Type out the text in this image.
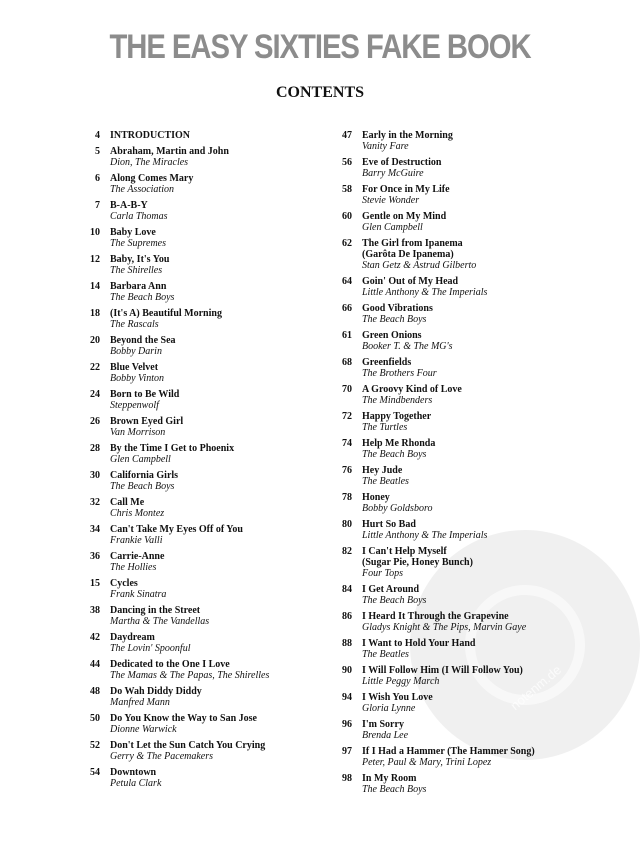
notenm.de
THE EASY SIXTIES FAKE BOOK
CONTENTS
4 INTRODUCTION
5 Abraham, Martin and John
Dion, The Miracles
6 Along Comes Mary
The Association
7 B-A-B-Y
Carla Thomas
10 Baby Love
The Supremes
12 Baby, It's You
The Shirelles
14 Barbara Ann
The Beach Boys
18 (It's A) Beautiful Morning
The Rascals
20 Beyond the Sea
Bobby Darin
22 Blue Velvet
Bobby Vinton
24 Born to Be Wild
Steppenwolf
26 Brown Eyed Girl
Van Morrison
28 By the Time I Get to Phoenix
Glen Campbell
30 California Girls
The Beach Boys
32 Call Me
Chris Montez
34 Can't Take My Eyes Off of You
Frankie Valli
36 Carrie-Anne
The Hollies
15 Cycles
Frank Sinatra
38 Dancing in the Street
Martha & The Vandellas
42 Daydream
The Lovin' Spoonful
44 Dedicated to the One I Love
The Mamas & The Papas, The Shirelles
48 Do Wah Diddy Diddy
Manfred Mann
50 Do You Know the Way to San Jose
Dionne Warwick
52 Don't Let the Sun Catch You Crying
Gerry & The Pacemakers
54 Downtown
Petula Clark
47 Early in the Morning
Vanity Fare
56 Eve of Destruction
Barry McGuire
58 For Once in My Life
Stevie Wonder
60 Gentle on My Mind
Glen Campbell
62 The Girl from Ipanema
(Garôta De Ipanema)
Stan Getz & Astrud Gilberto
64 Goin' Out of My Head
Little Anthony & The Imperials
66 Good Vibrations
The Beach Boys
61 Green Onions
Booker T. & The MG's
68 Greenfields
The Brothers Four
70 A Groovy Kind of Love
The Mindbenders
72 Happy Together
The Turtles
74 Help Me Rhonda
The Beach Boys
76 Hey Jude
The Beatles
78 Honey
Bobby Goldsboro
80 Hurt So Bad
Little Anthony & The Imperials
82 I Can't Help Myself
(Sugar Pie, Honey Bunch)
Four Tops
84 I Get Around
The Beach Boys
86 I Heard It Through the Grapevine
Gladys Knight & The Pips, Marvin Gaye
88 I Want to Hold Your Hand
The Beatles
90 I Will Follow Him (I Will Follow You)
Little Peggy March
94 I Wish You Love
Gloria Lynne
96 I'm Sorry
Brenda Lee
97 If I Had a Hammer (The Hammer Song)
Peter, Paul & Mary, Trini Lopez
98 In My Room
The Beach Boys
